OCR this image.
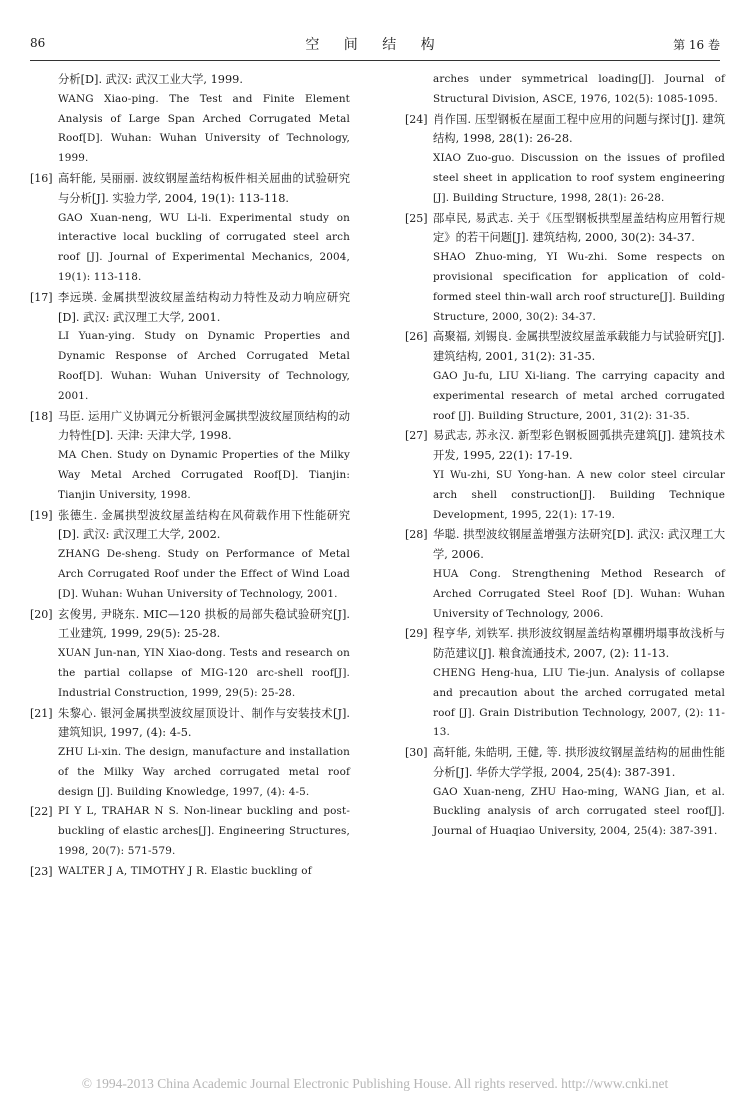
86	空 间 结 构	第 16 卷

分析[D]. 武汉: 武汉工业大学, 1999.

WANG Xiao-ping. The Test and Finite Element Analysis of Large Span Arched Corrugated Metal Roof[D]. Wuhan: Wuhan University of Technology, 1999.

[16] 高轩能, 吴丽丽. 波纹钢屋盖结构板件相关屈曲的试验研究与分析[J]. 实验力学, 2004, 19(1): 113-118.

GAO Xuan-neng, WU Li-li. Experimental study on interactive local buckling of corrugated steel arch roof [J]. Journal of Experimental Mechanics, 2004, 19(1): 113-118.

[17] 李远瑛. 金属拱型波纹屋盖结构动力特性及动力响应研究[D]. 武汉: 武汉理工大学, 2001.

LI Yuan-ying. Study on Dynamic Properties and Dynamic Response of Arched Corrugated Metal Roof[D]. Wuhan: Wuhan University of Technology, 2001.

[18] 马臣. 运用广义协调元分析银河金属拱型波纹屋顶结构的动力特性[D]. 天津: 天津大学, 1998.

MA Chen. Study on Dynamic Properties of the Milky Way Metal Arched Corrugated Roof[D]. Tianjin: Tianjin University, 1998.

[19] 张德生. 金属拱型波纹屋盖结构在风荷载作用下性能研究[D]. 武汉: 武汉理工大学, 2002.

ZHANG De-sheng. Study on Performance of Metal Arch Corrugated Roof under the Effect of Wind Load [D]. Wuhan: Wuhan University of Technology, 2001.

[20] 玄俊男, 尹晓东. MIC—120 拱板的局部失稳试验研究[J]. 工业建筑, 1999, 29(5): 25-28.

XUAN Jun-nan, YIN Xiao-dong. Tests and research on the partial collapse of MIG-120 arc-shell roof[J]. Industrial Construction, 1999, 29(5): 25-28.

[21] 朱黎心. 银河金属拱型波纹屋顶设计、制作与安装技术[J]. 建筑知识, 1997, (4): 4-5.

ZHU Li-xin. The design, manufacture and installation of the Milky Way arched corrugated metal roof design [J]. Building Knowledge, 1997, (4): 4-5.

[22] PI Y L, TRAHAR N S. Non-linear buckling and post-buckling of elastic arches[J]. Engineering Structures, 1998, 20(7): 571-579.

[23] WALTER J A, TIMOTHY J R. Elastic buckling of

arches under symmetrical loading[J]. Journal of Structural Division, ASCE, 1976, 102(5): 1085-1095.

[24] 肖作国. 压型钢板在屋面工程中应用的问题与探讨[J]. 建筑结构, 1998, 28(1): 26-28.

XIAO Zuo-guo. Discussion on the issues of profiled steel sheet in application to roof system engineering [J]. Building Structure, 1998, 28(1): 26-28.

[25] 邵卓民, 易武志. 关于《压型钢板拱型屋盖结构应用暂行规定》的若干问题[J]. 建筑结构, 2000, 30(2): 34-37.

SHAO Zhuo-ming, YI Wu-zhi. Some respects on provisional specification for application of cold-formed steel thin-wall arch roof structure[J]. Building Structure, 2000, 30(2): 34-37.

[26] 高聚福, 刘锡良. 金属拱型波纹屋盖承载能力与试验研究[J]. 建筑结构, 2001, 31(2): 31-35.

GAO Ju-fu, LIU Xi-liang. The carrying capacity and experimental research of metal arched corrugated roof [J]. Building Structure, 2001, 31(2): 31-35.

[27] 易武志, 苏永汉. 新型彩色钢板圆弧拱壳建筑[J]. 建筑技术开发, 1995, 22(1): 17-19.

YI Wu-zhi, SU Yong-han. A new color steel circular arch shell construction[J]. Building Technique Development, 1995, 22(1): 17-19.

[28] 华聪. 拱型波纹钢屋盖增强方法研究[D]. 武汉: 武汉理工大学, 2006.

HUA Cong. Strengthening Method Research of Arched Corrugated Steel Roof [D]. Wuhan: Wuhan University of Technology, 2006.

[29] 程亨华, 刘铁军. 拱形波纹钢屋盖结构罩棚坍塌事故浅析与防范建议[J]. 粮食流通技术, 2007, (2): 11-13.

CHENG Heng-hua, LIU Tie-jun. Analysis of collapse and precaution about the arched corrugated metal roof [J]. Grain Distribution Technology, 2007, (2): 11-13.

[30] 高轩能, 朱皓明, 王健, 等. 拱形波纹钢屋盖结构的屈曲性能分析[J]. 华侨大学学报, 2004, 25(4): 387-391.

GAO Xuan-neng, ZHU Hao-ming, WANG Jian, et al. Buckling analysis of arch corrugated steel roof[J]. Journal of Huaqiao University, 2004, 25(4): 387-391.

© 1994-2013 China Academic Journal Electronic Publishing House. All rights reserved. http://www.cnki.net
